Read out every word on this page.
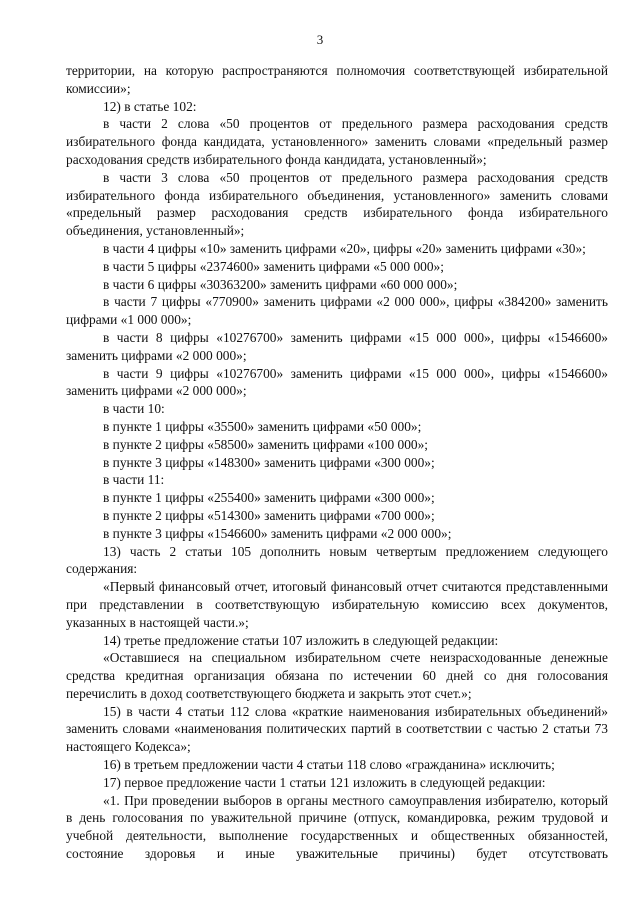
3

территории, на которую распространяются полномочия соответствующей избирательной комиссии»;

12) в статье 102:

в части 2 слова «50 процентов от предельного размера расходования средств избирательного фонда кандидата, установленного» заменить словами «предельный размер расходования средств избирательного фонда кандидата, установленный»;

в части 3 слова «50 процентов от предельного размера расходования средств избирательного фонда избирательного объединения, установленного» заменить словами «предельный размер расходования средств избирательного фонда избирательного объединения, установленный»;

в части 4 цифры «10» заменить цифрами «20», цифры «20» заменить цифрами «30»;

в части 5 цифры «2374600» заменить цифрами «5 000 000»;

в части 6 цифры «30363200» заменить цифрами «60 000 000»;

в части 7 цифры «770900» заменить цифрами «2 000 000», цифры «384200» заменить цифрами «1 000 000»;

в части 8 цифры «10276700» заменить цифрами «15 000 000», цифры «1546600» заменить цифрами «2 000 000»;

в части 9 цифры «10276700» заменить цифрами «15 000 000», цифры «1546600» заменить цифрами «2 000 000»;

в части 10:

в пункте 1 цифры «35500» заменить цифрами «50 000»;

в пункте 2 цифры «58500» заменить цифрами «100 000»;

в пункте 3 цифры «148300» заменить цифрами «300 000»;

в части 11:

в пункте 1 цифры «255400» заменить цифрами «300 000»;

в пункте 2 цифры «514300» заменить цифрами «700 000»;

в пункте 3 цифры «1546600» заменить цифрами «2 000 000»;

13) часть 2 статьи 105 дополнить новым четвертым предложением следующего содержания:

«Первый финансовый отчет, итоговый финансовый отчет считаются представленными при представлении в соответствующую избирательную комиссию всех документов, указанных в настоящей части.»;

14) третье предложение статьи 107 изложить в следующей редакции:

«Оставшиеся на специальном избирательном счете неизрасходованные денежные средства кредитная организация обязана по истечении 60 дней со дня голосования перечислить в доход соответствующего бюджета и закрыть этот счет.»;

15) в части 4 статьи 112 слова «краткие наименования избирательных объединений» заменить словами «наименования политических партий в соответствии с частью 2 статьи 73 настоящего Кодекса»;

16) в третьем предложении части 4 статьи 118 слово «гражданина» исключить;

17) первое предложение части 1 статьи 121 изложить в следующей редакции:

«1. При проведении выборов в органы местного самоуправления избирателю, который в день голосования по уважительной причине (отпуск, командировка, режим трудовой и учебной деятельности, выполнение государственных и общественных обязанностей, состояние здоровья и иные уважительные причины) будет отсутствовать
